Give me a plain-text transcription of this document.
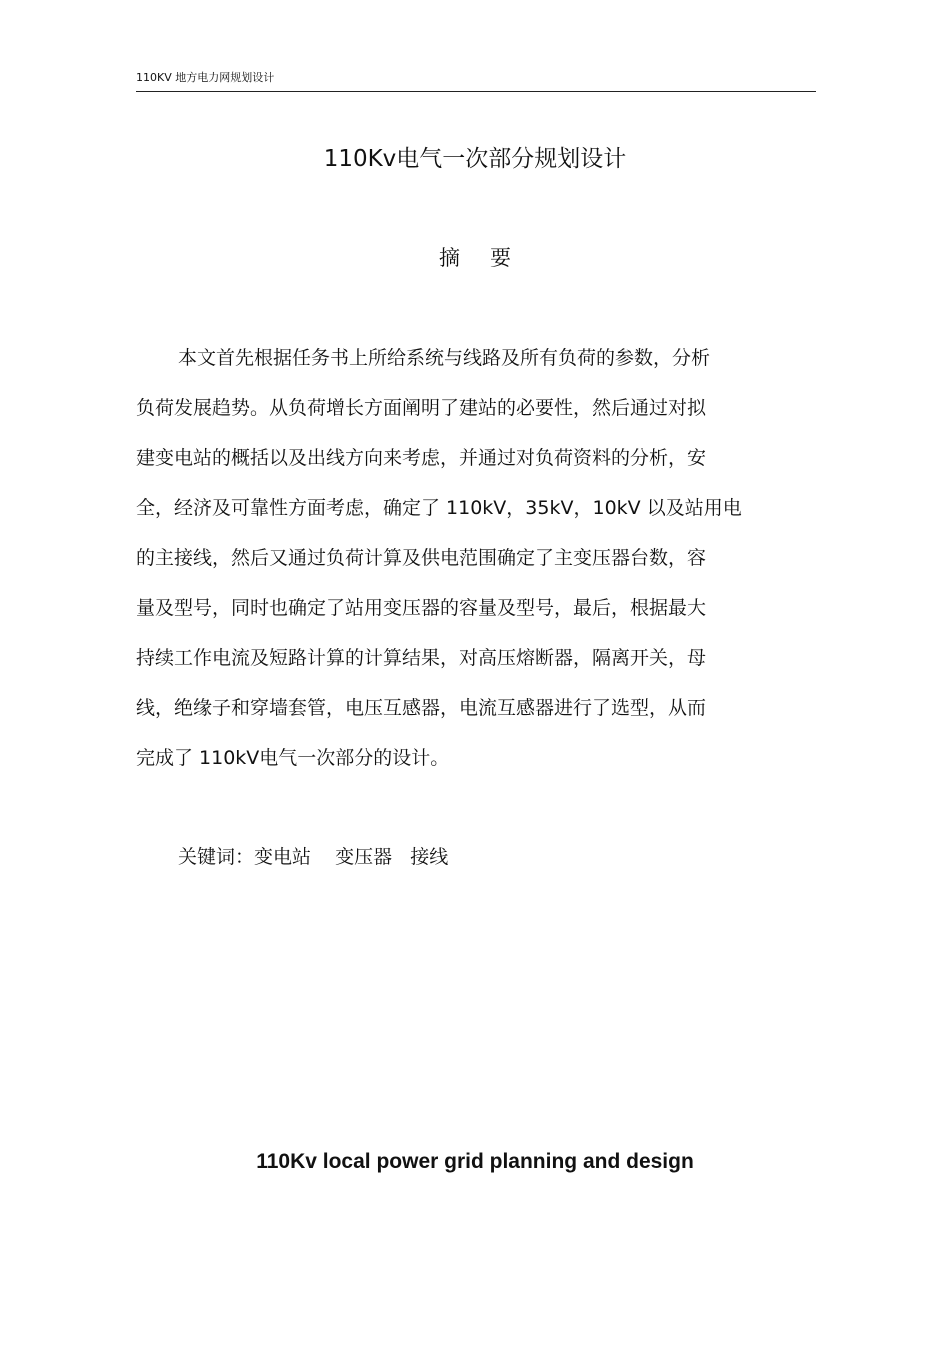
110KV 地方电力网规划设计
110Kv电气一次部分规划设计
摘要
本文首先根据任务书上所给系统与线路及所有负荷的参数，分析
负荷发展趋势。从负荷增长方面阐明了建站的必要性，然后通过对拟
建变电站的概括以及出线方向来考虑，并通过对负荷资料的分析，安
全，经济及可靠性方面考虑，确定了 110kV，35kV，10kV 以及站用电
的主接线，然后又通过负荷计算及供电范围确定了主变压器台数，容
量及型号，同时也确定了站用变压器的容量及型号，最后，根据最大
持续工作电流及短路计算的计算结果，对高压熔断器，隔离开关，母
线，绝缘子和穿墙套管，电压互感器，电流互感器进行了选型，从而
完成了 110kV电气一次部分的设计。
关键词：变电站    变压器   接线
110Kv local power grid planning and design
